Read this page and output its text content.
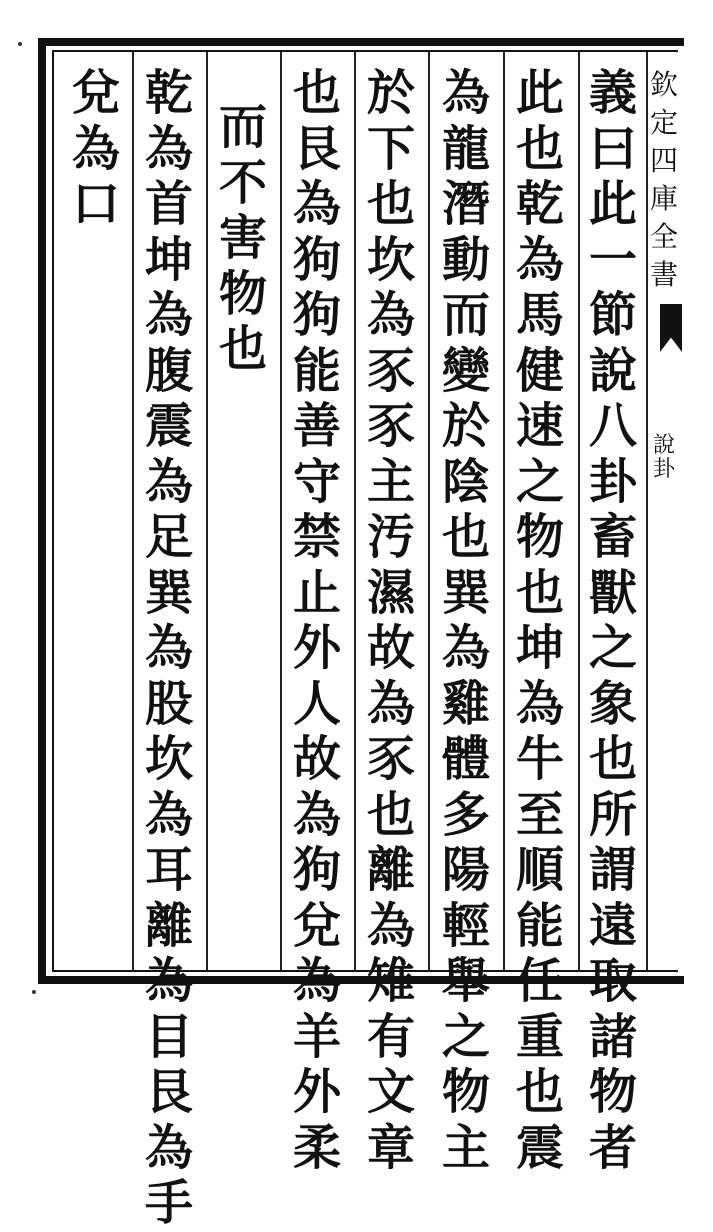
欽
定
四
庫
全
書
說
卦
義
曰
此
一
節
說
八
卦
畜
獸
之
象
也
所
謂
遠
取
諸
物
者
此
也
乾
為
馬
健
速
之
物
也
坤
為
牛
至
順
能
任
重
也
震
為
龍
潛
動
而
變
於
陰
也
巽
為
雞
體
多
陽
輕
舉
之
物
主
於
下
也
坎
為
豕
豕
主
汚
濕
故
為
豕
也
離
為
雉
有
文
章
也
艮
為
狗
狗
能
善
守
禁
止
外
人
故
為
狗
兌
為
羊
外
柔
而
不
害
物
也
乾
為
首
坤
為
腹
震
為
足
巽
為
股
坎
為
耳
離
為
目
艮
為
手
兌
為
口
